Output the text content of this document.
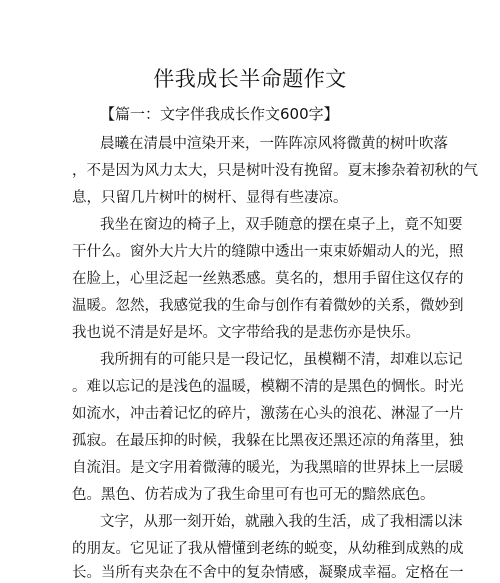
伴我成长半命题作文
【篇一：文字伴我成长作文600字】
晨曦在清晨中渲染开来，一阵阵凉风将微黄的树叶吹落
，不是因为风力太大，只是树叶没有挽留。夏末掺杂着初秋的气
息，只留几片树叶的树杆、显得有些凄凉。
我坐在窗边的椅子上，双手随意的摆在桌子上，竟不知要
干什么。窗外大片大片的缝隙中透出一束束娇媚动人的光，照
在脸上，心里泛起一丝熟悉感。莫名的，想用手留住这仅存的
温暖。忽然，我感觉我的生命与创作有着微妙的关系，微妙到
我也说不清是好是坏。文字带给我的是悲伤亦是快乐。
我所拥有的可能只是一段记忆，虽模糊不清，却难以忘记
。难以忘记的是浅色的温暖，模糊不清的是黑色的惆怅。时光
如流水，冲击着记忆的碎片，激荡在心头的浪花、淋湿了一片
孤寂。在最压抑的时候，我躲在比黑夜还黑还凉的角落里，独
自流泪。是文字用着微薄的暖光，为我黑暗的世界抹上一层暖
色。黑色、仿若成为了我生命里可有也可无的黯然底色。
文字，从那一刻开始，就融入我的生活，成了我相濡以沫
的朋友。它见证了我从懵懂到老练的蜕变，从幼稚到成熟的成
长。当所有夹杂在不舍中的复杂情感，凝聚成幸福。定格在一
